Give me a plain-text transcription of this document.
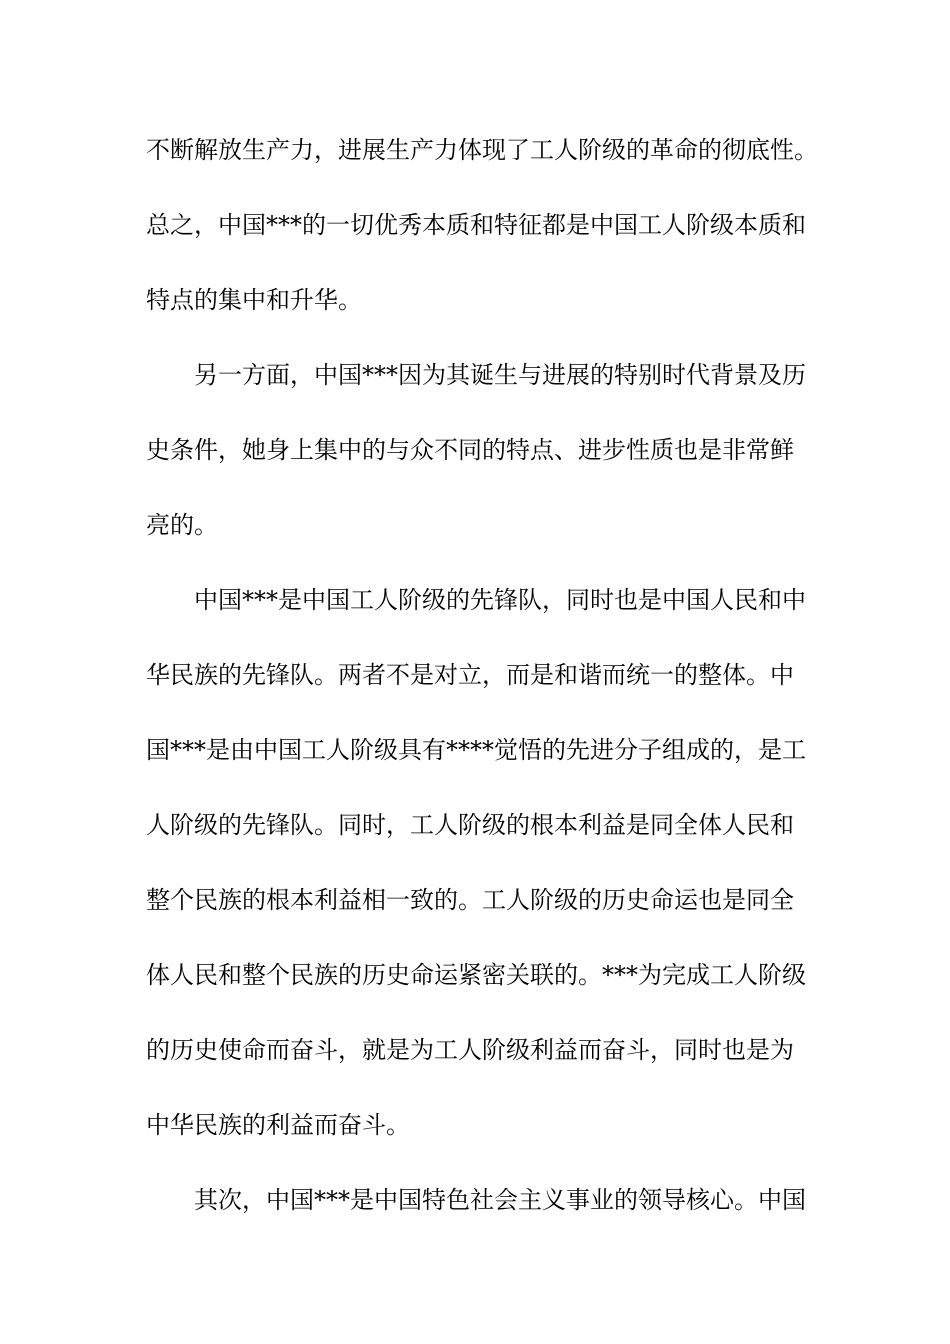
不断解放生产力，进展生产力体现了工人阶级的革命的彻底性。
总之，中国***的一切优秀本质和特征都是中国工人阶级本质和
特点的集中和升华。
另一方面，中国***因为其诞生与进展的特别时代背景及历
史条件，她身上集中的与众不同的特点、进步性质也是非常鲜
亮的。
中国***是中国工人阶级的先锋队，同时也是中国人民和中
华民族的先锋队。两者不是对立，而是和谐而统一的整体。中
国***是由中国工人阶级具有****觉悟的先进分子组成的，是工
人阶级的先锋队。同时，工人阶级的根本利益是同全体人民和
整个民族的根本利益相一致的。工人阶级的历史命运也是同全
体人民和整个民族的历史命运紧密关联的。***为完成工人阶级
的历史使命而奋斗，就是为工人阶级利益而奋斗，同时也是为
中华民族的利益而奋斗。
其次，中国***是中国特色社会主义事业的领导核心。中国
